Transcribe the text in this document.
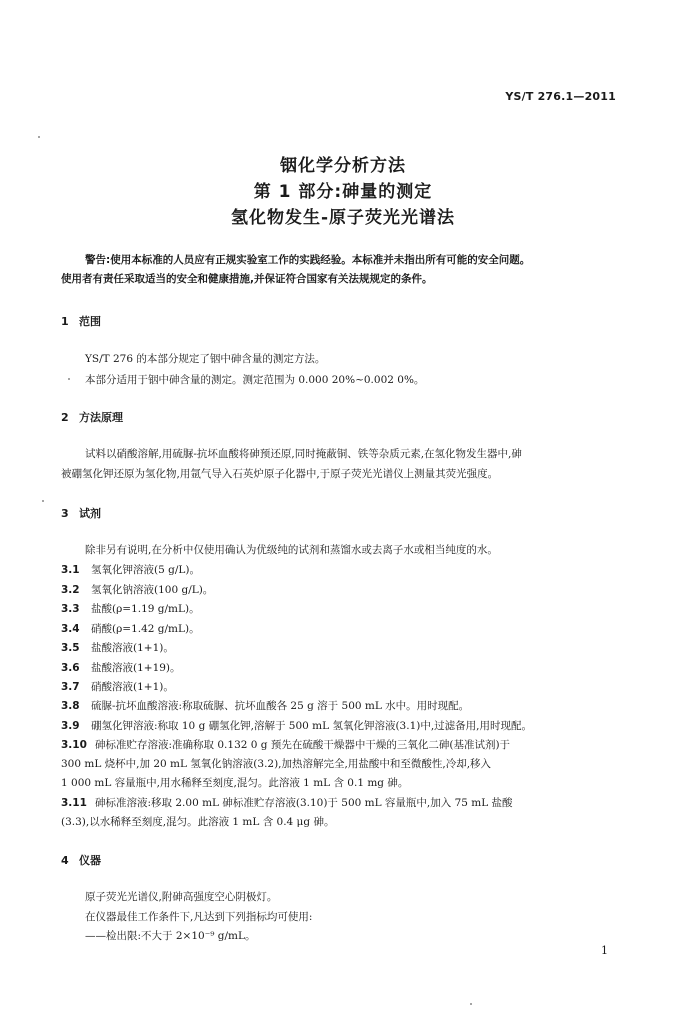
YS/T 276.1—2011
铟化学分析方法
第 1 部分:砷量的测定
氢化物发生-原子荧光光谱法
警告:使用本标准的人员应有正规实验室工作的实践经验。本标准并未指出所有可能的安全问题。
使用者有责任采取适当的安全和健康措施,并保证符合国家有关法规规定的条件。
1 范围
YS/T 276 的本部分规定了铟中砷含量的测定方法。
本部分适用于铟中砷含量的测定。测定范围为 0.000 20%~0.002 0%。
2 方法原理
试料以硝酸溶解,用硫脲-抗坏血酸将砷预还原,同时掩蔽铜、铁等杂质元素,在氢化物发生器中,砷
被硼氢化钾还原为氢化物,用氩气导入石英炉原子化器中,于原子荧光光谱仪上测量其荧光强度。
3 试剂
除非另有说明,在分析中仅使用确认为优级纯的试剂和蒸馏水或去离子水或相当纯度的水。
3.1 氢氧化钾溶液(5 g/L)。
3.2 氢氧化钠溶液(100 g/L)。
3.3 盐酸(ρ=1.19 g/mL)。
3.4 硝酸(ρ=1.42 g/mL)。
3.5 盐酸溶液(1+1)。
3.6 盐酸溶液(1+19)。
3.7 硝酸溶液(1+1)。
3.8 硫脲-抗坏血酸溶液:称取硫脲、抗坏血酸各 25 g 溶于 500 mL 水中。用时现配。
3.9 硼氢化钾溶液:称取 10 g 硼氢化钾,溶解于 500 mL 氢氧化钾溶液(3.1)中,过滤备用,用时现配。
3.10 砷标准贮存溶液:准确称取 0.132 0 g 预先在硫酸干燥器中干燥的三氧化二砷(基准试剂)于
300 mL 烧杯中,加 20 mL 氢氧化钠溶液(3.2),加热溶解完全,用盐酸中和至微酸性,冷却,移入
1 000 mL 容量瓶中,用水稀释至刻度,混匀。此溶液 1 mL 含 0.1 mg 砷。
3.11 砷标准溶液:移取 2.00 mL 砷标准贮存溶液(3.10)于 500 mL 容量瓶中,加入 75 mL 盐酸
(3.3),以水稀释至刻度,混匀。此溶液 1 mL 含 0.4 μg 砷。
4 仪器
原子荧光光谱仪,附砷高强度空心阴极灯。
在仪器最佳工作条件下,凡达到下列指标均可使用:
——检出限:不大于 2×10⁻⁹ g/mL。
1
